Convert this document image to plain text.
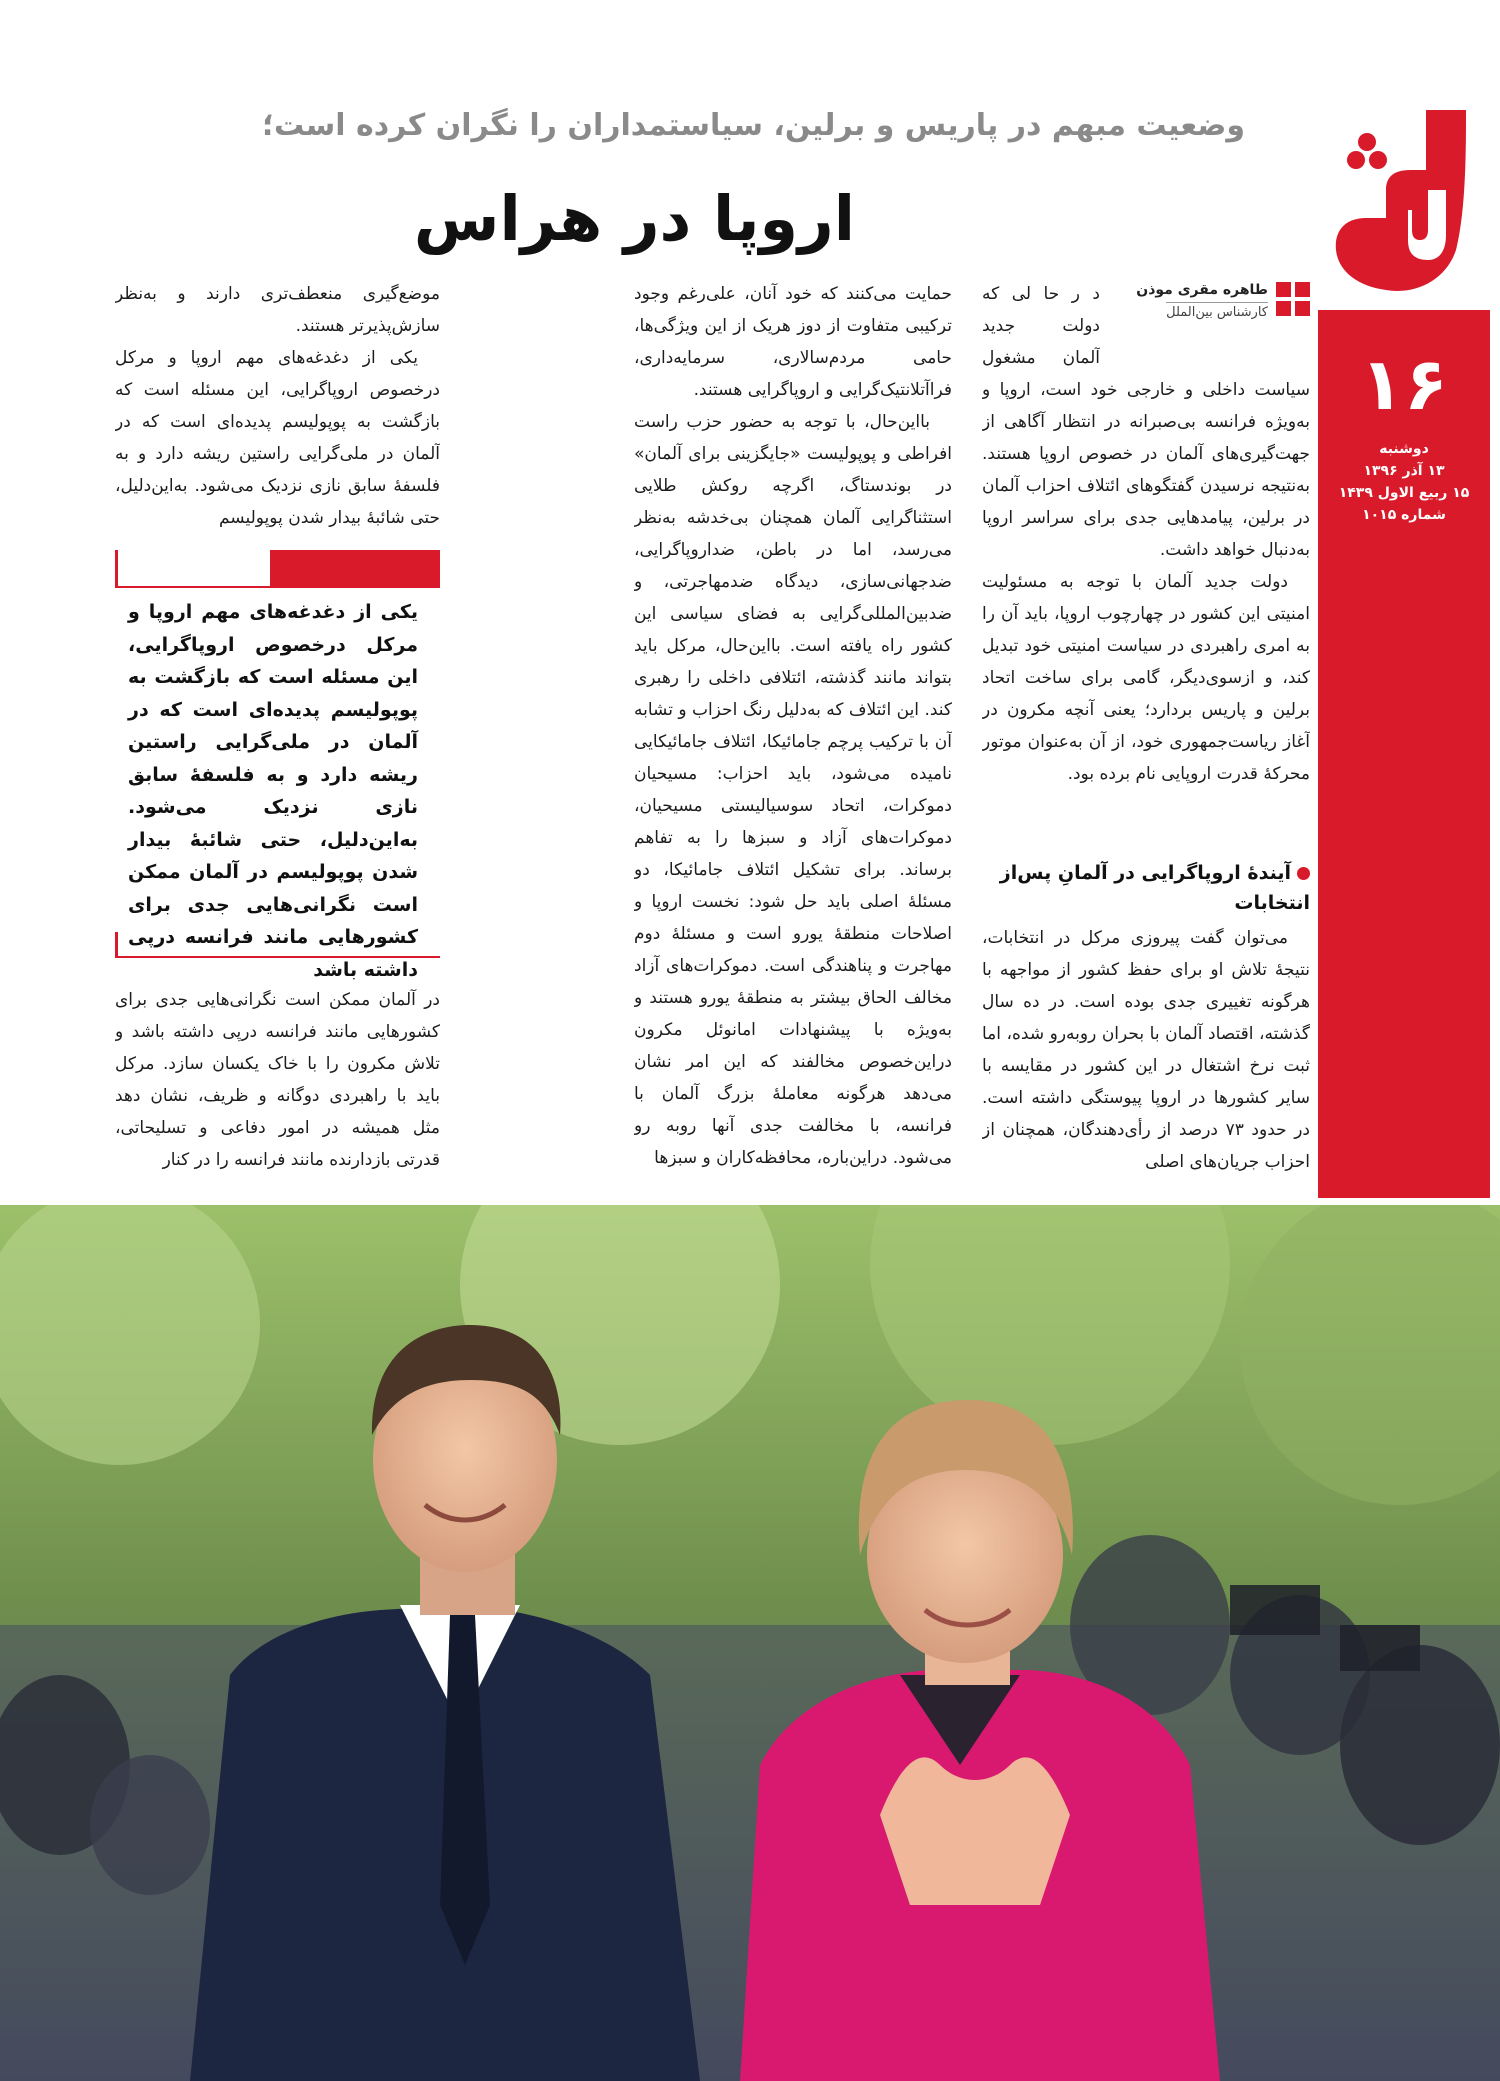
شما
۱۶
دوشنبه
۱۳ آذر ۱۳۹۶
۱۵ ربیع الاول ۱۴۳۹
شماره ۱۰۱۵
وضعیت مبهم در پاریس و برلین، سیاستمداران را نگران کرده است؛
اروپا در هراس
طاهره مقری موذن
کارشناس بین‌الملل

د ر حا لی که دولت جدید آلمان مشغول

سیاست داخلی و خارجی خود است، اروپا و به‌ویژه فرانسه بی‌صبرانه در انتظار آگاهی از جهت‌گیری‌های آلمان در خصوص اروپا هستند. به‌نتیجه نرسیدن گفتگوهای ائتلاف احزاب آلمان در برلین، پیامدهایی جدی برای سراسر اروپا به‌دنبال خواهد داشت.

دولت جدید آلمان با توجه به مسئولیت امنیتی این کشور در چهارچوب اروپا، باید آن را به امری راهبردی در سیاست امنیتی خود تبدیل کند، و ازسوی‌دیگر، گامی برای ساخت اتحاد برلین و پاریس بردارد؛ یعنی آنچه مکرون در آغاز ریاست‌جمهوری خود، از آن به‌عنوان موتور محرکهٔ قدرت اروپایی نام برده بود.

آیندهٔ اروپاگرایی در آلمانِ پس‌از انتخابات

می‌توان گفت پیروزی مرکل در انتخابات، نتیجهٔ تلاش او برای حفظ کشور از مواجهه با هرگونه تغییری جدی بوده است. در ده سال گذشته، اقتصاد آلمان با بحران روبه‌رو شده، اما ثبت نرخ اشتغال در این کشور در مقایسه با سایر کشورها در اروپا پیوستگی داشته است. در حدود ۷۳ درصد از رأی‌دهندگان، همچنان از احزاب جریان‌های اصلی

حمایت می‌کنند که خود آنان، علی‌رغم وجود ترکیبی متفاوت از دوز هریک از این ویژگی‌ها، حامی مردم‌سالاری، سرمایه‌داری، فراآتلانتیک‌گرایی و اروپاگرایی هستند.

بااین‌حال، با توجه به حضور حزب راست افراطی و پوپولیست «جایگزینی برای آلمان» در بوندستاگ، اگرچه روکش طلایی استثناگرایی آلمان همچنان بی‌خدشه به‌نظر می‌رسد، اما در باطن، ضداروپاگرایی، ضدجهانی‌سازی، دیدگاه ضدمهاجرتی، و ضدبین‌المللی‌گرایی به فضای سیاسی این کشور راه یافته است. بااین‌حال، مرکل باید بتواند مانند گذشته، ائتلافی داخلی را رهبری کند. این ائتلاف که به‌دلیل رنگ احزاب و تشابه آن با ترکیب پرچم جامائیکا، ائتلاف جامائیکایی نامیده می‌شود، باید احزاب: مسیحیان دموکرات، اتحاد سوسیالیستی مسیحیان، دموکرات‌های آزاد و سبزها را به تفاهم برساند. برای تشکیل ائتلاف جامائیکا، دو مسئلهٔ اصلی باید حل شود: نخست اروپا و اصلاحات منطقهٔ یورو است و مسئلهٔ دوم مهاجرت و پناهندگی است. دموکرات‌های آزاد مخالف الحاق بیشتر به منطقهٔ یورو هستند و به‌ویژه با پیشنهادات امانوئل مکرون دراین‌خصوص مخالفند که این امر نشان می‌دهد هرگونه معاملهٔ بزرگ آلمان با فرانسه، با مخالفت جدی آنها روبه رو می‌شود. دراین‌باره، محافظه‌کاران و سبزها

موضع‌گیری منعطف‌تری دارند و به‌نظر سازش‌پذیرتر هستند.

یکی از دغدغه‌های مهم اروپا و مرکل درخصوص اروپاگرایی، این مسئله است که بازگشت به پوپولیسم پدیده‌ای است که در آلمان در ملی‌گرایی راستین ریشه دارد و به فلسفهٔ سابق نازی نزدیک می‌شود. به‌این‌دلیل، حتی شائبهٔ بیدار شدن پوپولیسم

یکی از دغدغه‌های مهم اروپا و مرکل درخصوص اروپاگرایی، این مسئله است که بازگشت به پوپولیسم پدیده‌ای است که در آلمان در ملی‌گرایی راستین ریشه دارد و به فلسفهٔ سابق نازی نزدیک می‌شود. به‌این‌دلیل، حتی شائبهٔ بیدار شدن پوپولیسم در آلمان ممکن است نگرانی‌هایی جدی برای کشورهایی مانند فرانسه درپی داشته باشد

در آلمان ممکن است نگرانی‌هایی جدی برای کشورهایی مانند فرانسه درپی داشته باشد و تلاش مکرون را با خاک یکسان سازد. مرکل باید با راهبردی دوگانه و ظریف، نشان دهد مثل همیشه در امور دفاعی و تسلیحاتی، قدرتی بازدارنده مانند فرانسه را در کنار
